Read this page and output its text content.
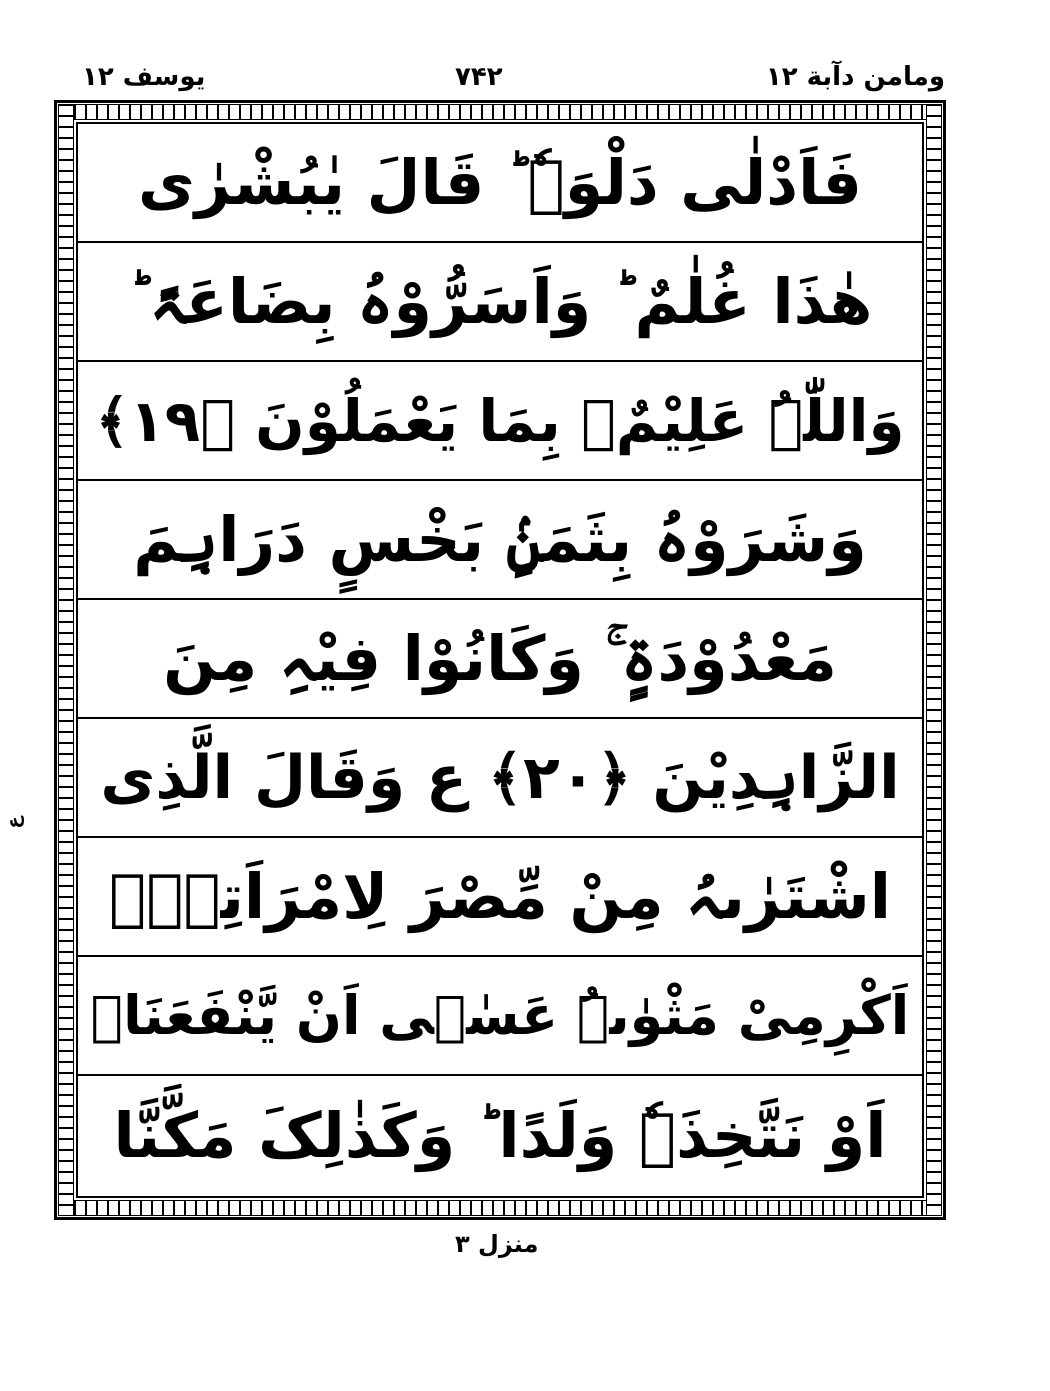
ومامن دآبة ۱۲
۷۴۲
یوسف ۱۲
ع
منزل ۳
فَاَدْلٰی دَلْوَہٗ ؕ قَالَ یٰبُشْرٰی
ھٰذَا غُلٰمٌ ؕ وَاَسَرُّوْہُ بِضَاعَۃً ؕ
وَاللّٰہُ عَلِیْمٌۢ بِمَا یَعْمَلُوْنَ ﴿۱۹﴾
وَشَرَوْہُ بِثَمَنٍۢ بَخْسٍ دَرَاہِمَ
مَعْدُوْدَۃٍ ۚ وَکَانُوْا فِیْہِ مِنَ
الزَّاہِدِیْنَ ﴿۲۰﴾ ع وَقَالَ الَّذِی
اشْتَرٰىہُ مِنْ مِّصْرَ لِامْرَاَتِہٖۤ
اَکْرِمِیْ مَثْوٰىہُ عَسٰۤی اَنْ یَّنْفَعَنَاۤ
اَوْ نَتَّخِذَہٗ وَلَدًا ؕ وَکَذٰلِکَ مَکَّنَّا
